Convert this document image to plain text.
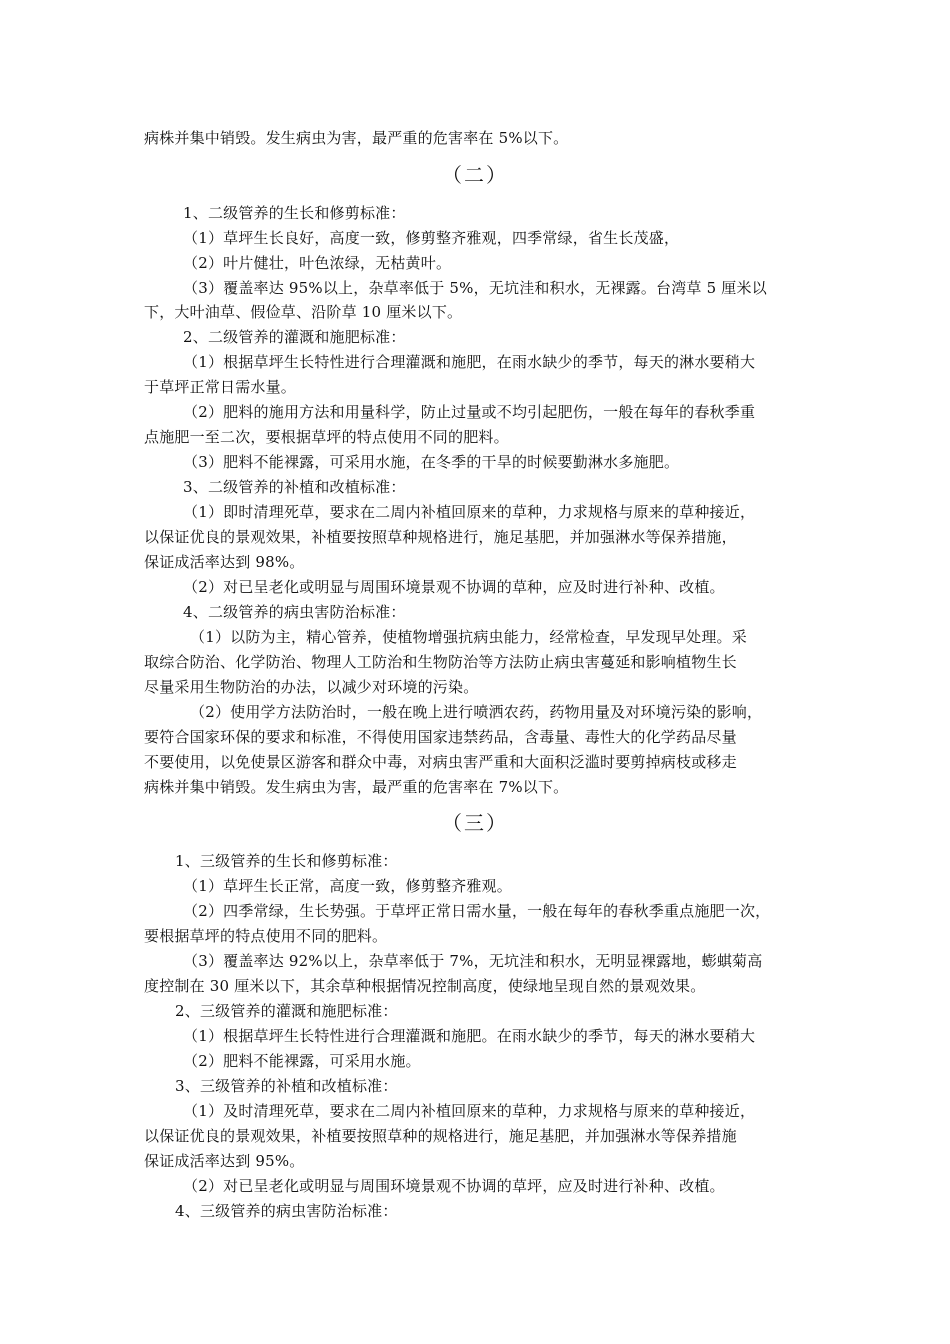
病株并集中销毁。发生病虫为害，最严重的危害率在 5%以下。
（二）
1、二级管养的生长和修剪标准：
（1）草坪生长良好，高度一致，修剪整齐雅观，四季常绿，省生长茂盛，
（2）叶片健壮，叶色浓绿，无枯黄叶。
（3）覆盖率达 95%以上，杂草率低于 5%，无坑洼和积水，无裸露。台湾草 5 厘米以
下，大叶油草、假俭草、沿阶草 10 厘米以下。
2、二级管养的灌溉和施肥标准：
（1）根据草坪生长特性进行合理灌溉和施肥，在雨水缺少的季节，每天的淋水要稍大
于草坪正常日需水量。
（2）肥料的施用方法和用量科学，防止过量或不均引起肥伤，一般在每年的春秋季重
点施肥一至二次，要根据草坪的特点使用不同的肥料。
（3）肥料不能裸露，可采用水施，在冬季的干旱的时候要勤淋水多施肥。
3、二级管养的补植和改植标准：
（1）即时清理死草，要求在二周内补植回原来的草种，力求规格与原来的草种接近，
以保证优良的景观效果，补植要按照草种规格进行，施足基肥，并加强淋水等保养措施，
保证成活率达到 98%。
（2）对已呈老化或明显与周围环境景观不协调的草种，应及时进行补种、改植。
4、二级管养的病虫害防治标准：
（1）以防为主，精心管养，使植物增强抗病虫能力，经常检查，早发现早处理。采
取综合防治、化学防治、物理人工防治和生物防治等方法防止病虫害蔓延和影响植物生长
尽量采用生物防治的办法，以减少对环境的污染。
（2）使用学方法防治时，一般在晚上进行喷洒农药，药物用量及对环境污染的影响，
要符合国家环保的要求和标准，不得使用国家违禁药品，含毒量、毒性大的化学药品尽量
不要使用，以免使景区游客和群众中毒，对病虫害严重和大面积泛滥时要剪掉病枝或移走
病株并集中销毁。发生病虫为害，最严重的危害率在 7%以下。
（三）
1、三级管养的生长和修剪标准：
（1）草坪生长正常，高度一致，修剪整齐雅观。
（2）四季常绿，生长势强。于草坪正常日需水量，一般在每年的春秋季重点施肥一次，
要根据草坪的特点使用不同的肥料。
（3）覆盖率达 92%以上，杂草率低于 7%，无坑洼和积水，无明显裸露地，蟛蜞菊高
度控制在 30 厘米以下，其余草种根据情况控制高度，使绿地呈现自然的景观效果。
2、三级管养的灌溉和施肥标准：
（1）根据草坪生长特性进行合理灌溉和施肥。在雨水缺少的季节，每天的淋水要稍大
（2）肥料不能裸露，可采用水施。
3、三级管养的补植和改植标准：
（1）及时清理死草，要求在二周内补植回原来的草种，力求规格与原来的草种接近，
以保证优良的景观效果，补植要按照草种的规格进行，施足基肥，并加强淋水等保养措施
保证成活率达到 95%。
（2）对已呈老化或明显与周围环境景观不协调的草坪，应及时进行补种、改植。
4、三级管养的病虫害防治标准：
